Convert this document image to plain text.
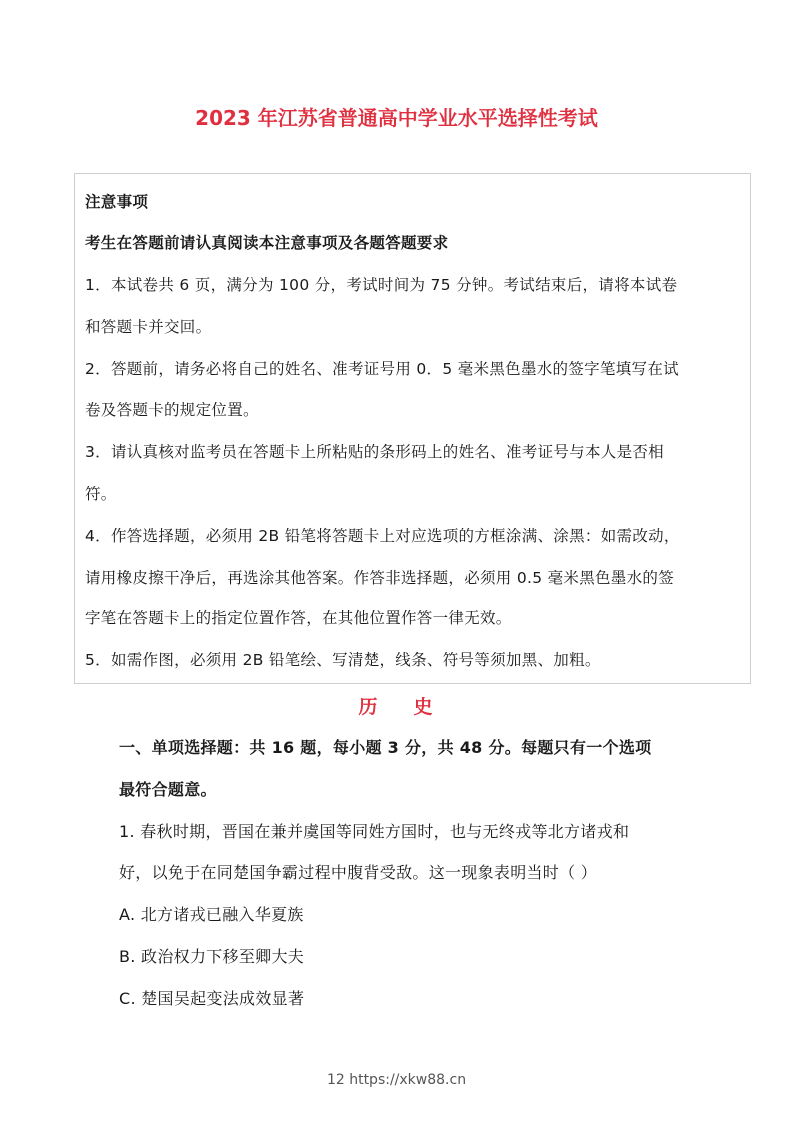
2023 年江苏省普通高中学业水平选择性考试
注意事项
考生在答题前请认真阅读本注意事项及各题答题要求
1．本试卷共 6 页，满分为 100 分，考试时间为 75 分钟。考试结束后，请将本试卷
和答题卡并交回。
2．答题前，请务必将自己的姓名、准考证号用 0．5 毫米黑色墨水的签字笔填写在试
卷及答题卡的规定位置。
3．请认真核对监考员在答题卡上所粘贴的条形码上的姓名、准考证号与本人是否相
符。
4．作答选择题，必须用 2B 铅笔将答题卡上对应选项的方框涂满、涂黑：如需改动，
请用橡皮擦干净后，再选涂其他答案。作答非选择题，必须用 0.5 毫米黑色墨水的签
字笔在答题卡上的指定位置作答，在其他位置作答一律无效。
5．如需作图，必须用 2B 铅笔绘、写清楚，线条、符号等须加黑、加粗。
历 史
一、单项选择题：共 16 题，每小题 3 分，共 48 分。每题只有一个选项
最符合题意。
1. 春秋时期，晋国在兼并虞国等同姓方国时，也与无终戎等北方诸戎和
好，以免于在同楚国争霸过程中腹背受敌。这一现象表明当时（ ）
A. 北方诸戎已融入华夏族
B. 政治权力下移至卿大夫
C. 楚国吴起变法成效显著
12 https://xkw88.cn
